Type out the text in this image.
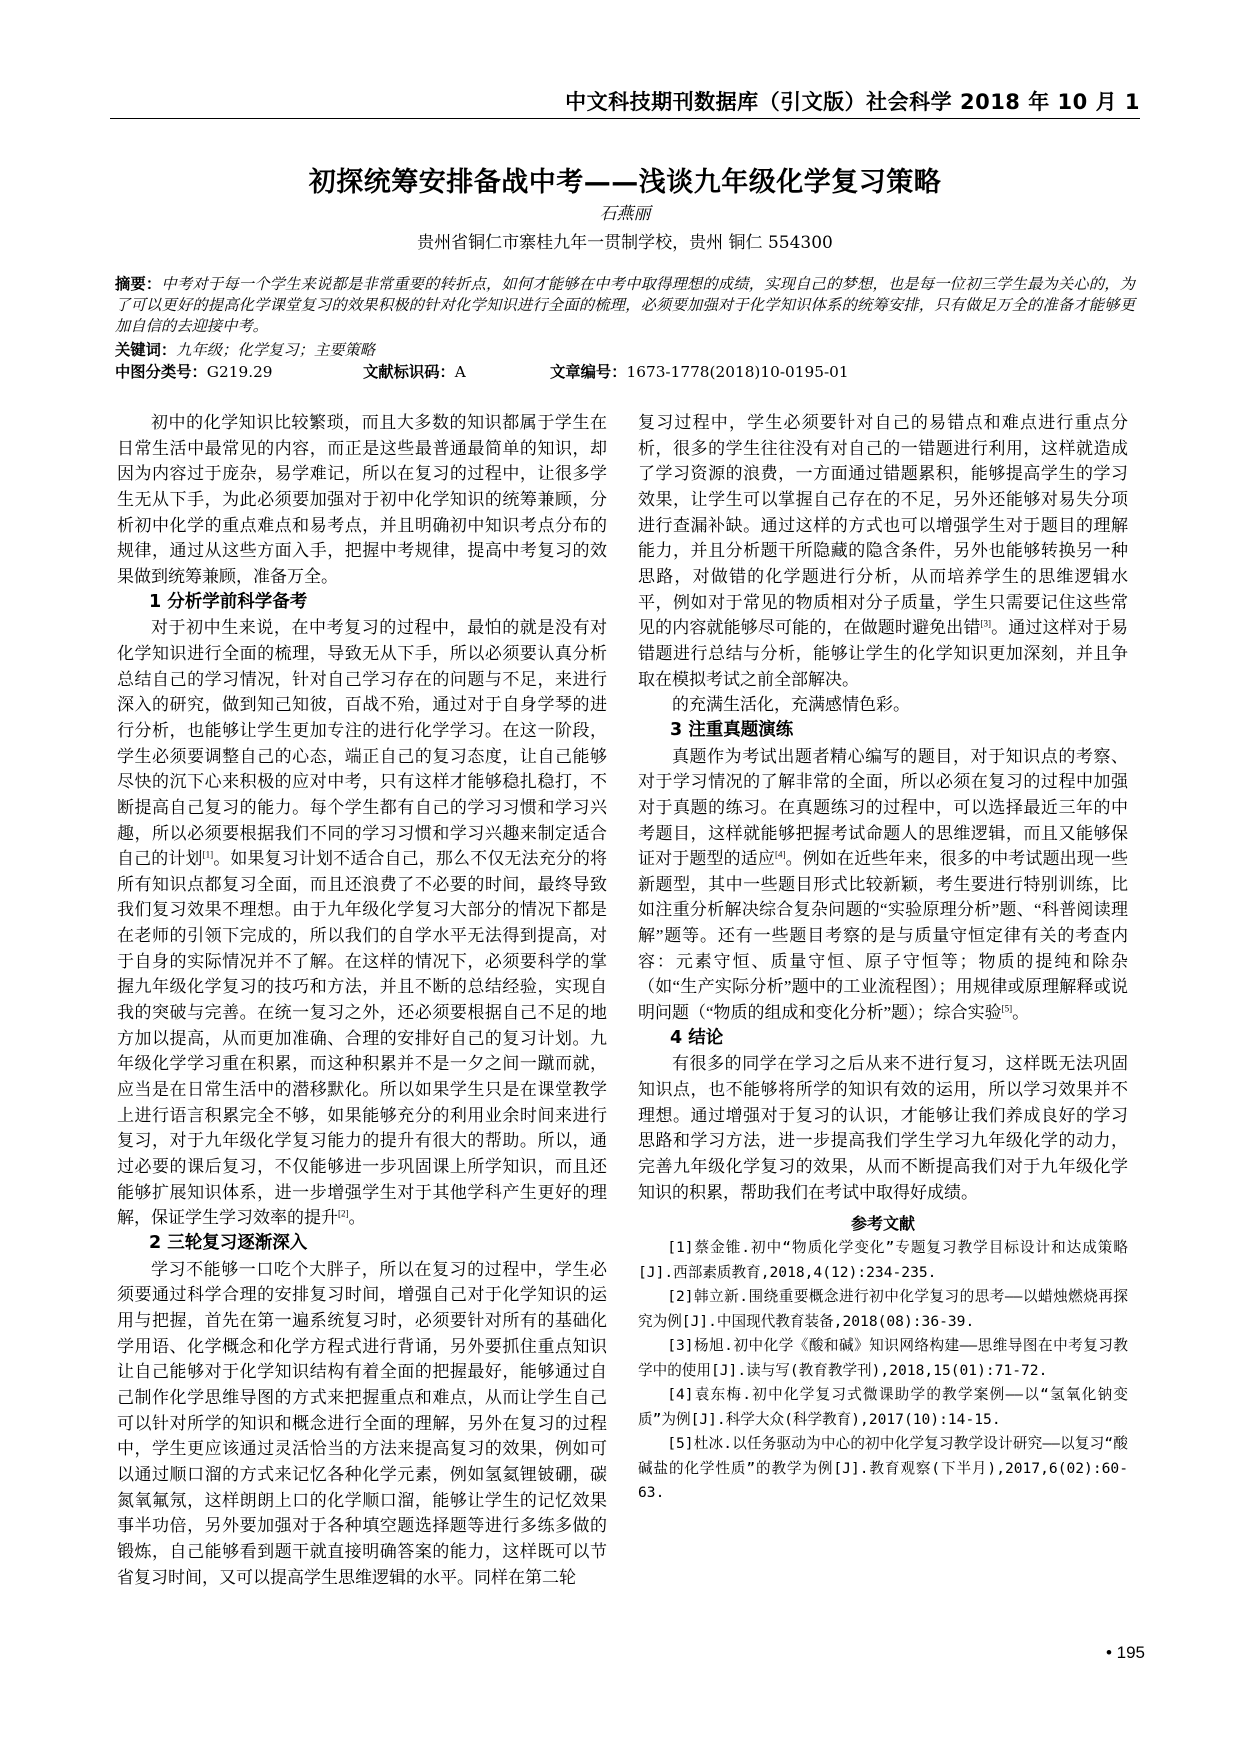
中文科技期刊数据库（引文版）社会科学 2018 年 10 月 1
初探统筹安排备战中考——浅谈九年级化学复习策略
石燕丽
贵州省铜仁市寨桂九年一贯制学校，贵州 铜仁 554300
摘要：中考对于每一个学生来说都是非常重要的转折点，如何才能够在中考中取得理想的成绩，实现自己的梦想，也是每一位初三学生最为关心的，为了可以更好的提高化学课堂复习的效果积极的针对化学知识进行全面的梳理，必须要加强对于化学知识体系的统筹安排，只有做足万全的准备才能够更加自信的去迎接中考。
关键词：九年级；化学复习；主要策略
中图分类号：G219.29	文献标识码：A	文章编号：1673-1778(2018)10-0195-01

初中的化学知识比较繁琐，而且大多数的知识都属于学生在日常生活中最常见的内容，而正是这些最普通最简单的知识，却因为内容过于庞杂，易学难记，所以在复习的过程中，让很多学生无从下手，为此必须要加强对于初中化学知识的统筹兼顾，分析初中化学的重点难点和易考点，并且明确初中知识考点分布的规律，通过从这些方面入手，把握中考规律，提高中考复习的效果做到统筹兼顾，准备万全。

1 分析学前科学备考

对于初中生来说，在中考复习的过程中，最怕的就是没有对化学知识进行全面的梳理，导致无从下手，所以必须要认真分析总结自己的学习情况，针对自己学习存在的问题与不足，来进行深入的研究，做到知己知彼，百战不殆，通过对于自身学琴的进行分析，也能够让学生更加专注的进行化学学习。在这一阶段，学生必须要调整自己的心态，端正自己的复习态度，让自己能够尽快的沉下心来积极的应对中考，只有这样才能够稳扎稳打，不断提高自己复习的能力。每个学生都有自己的学习习惯和学习兴趣，所以必须要根据我们不同的学习习惯和学习兴趣来制定适合自己的计划[1]。如果复习计划不适合自己，那么不仅无法充分的将所有知识点都复习全面，而且还浪费了不必要的时间，最终导致我们复习效果不理想。由于九年级化学复习大部分的情况下都是在老师的引领下完成的，所以我们的自学水平无法得到提高，对于自身的实际情况并不了解。在这样的情况下，必须要科学的掌握九年级化学复习的技巧和方法，并且不断的总结经验，实现自我的突破与完善。在统一复习之外，还必须要根据自己不足的地方加以提高，从而更加准确、合理的安排好自己的复习计划。九年级化学学习重在积累，而这种积累并不是一夕之间一蹴而就，应当是在日常生活中的潜移默化。所以如果学生只是在课堂教学上进行语言积累完全不够，如果能够充分的利用业余时间来进行复习，对于九年级化学复习能力的提升有很大的帮助。所以，通过必要的课后复习，不仅能够进一步巩固课上所学知识，而且还能够扩展知识体系，进一步增强学生对于其他学科产生更好的理解，保证学生学习效率的提升[2]。

2 三轮复习逐渐深入

学习不能够一口吃个大胖子，所以在复习的过程中，学生必须要通过科学合理的安排复习时间，增强自己对于化学知识的运用与把握，首先在第一遍系统复习时，必须要针对所有的基础化学用语、化学概念和化学方程式进行背诵，另外要抓住重点知识让自己能够对于化学知识结构有着全面的把握最好，能够通过自己制作化学思维导图的方式来把握重点和难点，从而让学生自己可以针对所学的知识和概念进行全面的理解，另外在复习的过程中，学生更应该通过灵活恰当的方法来提高复习的效果，例如可以通过顺口溜的方式来记忆各种化学元素，例如氢氦锂铍硼，碳氮氧氟氖，这样朗朗上口的化学顺口溜，能够让学生的记忆效果事半功倍，另外要加强对于各种填空题选择题等进行多练多做的锻炼，自己能够看到题干就直接明确答案的能力，这样既可以节省复习时间，又可以提高学生思维逻辑的水平。同样在第二轮

复习过程中，学生必须要针对自己的易错点和难点进行重点分析，很多的学生往往没有对自己的一错题进行利用，这样就造成了学习资源的浪费，一方面通过错题累积，能够提高学生的学习效果，让学生可以掌握自己存在的不足，另外还能够对易失分项进行查漏补缺。通过这样的方式也可以增强学生对于题目的理解能力，并且分析题干所隐藏的隐含条件，另外也能够转换另一种思路，对做错的化学题进行分析，从而培养学生的思维逻辑水平，例如对于常见的物质相对分子质量，学生只需要记住这些常见的内容就能够尽可能的，在做题时避免出错[3]。通过这样对于易错题进行总结与分析，能够让学生的化学知识更加深刻，并且争取在模拟考试之前全部解决。

的充满生活化，充满感情色彩。

3 注重真题演练

真题作为考试出题者精心编写的题目，对于知识点的考察、对于学习情况的了解非常的全面，所以必须在复习的过程中加强对于真题的练习。在真题练习的过程中，可以选择最近三年的中考题目，这样就能够把握考试命题人的思维逻辑，而且又能够保证对于题型的适应[4]。例如在近些年来，很多的中考试题出现一些新题型，其中一些题目形式比较新颖，考生要进行特别训练，比如注重分析解决综合复杂问题的“实验原理分析”题、“科普阅读理解”题等。还有一些题目考察的是与质量守恒定律有关的考查内容：元素守恒、质量守恒、原子守恒等；物质的提纯和除杂（如“生产实际分析”题中的工业流程图）；用规律或原理解释或说明问题（“物质的组成和变化分析”题）；综合实验[5]。

4 结论

有很多的同学在学习之后从来不进行复习，这样既无法巩固知识点，也不能够将所学的知识有效的运用，所以学习效果并不理想。通过增强对于复习的认识，才能够让我们养成良好的学习思路和学习方法，进一步提高我们学生学习九年级化学的动力，完善九年级化学复习的效果，从而不断提高我们对于九年级化学知识的积累，帮助我们在考试中取得好成绩。

参考文献

[1]蔡金锥.初中“物质化学变化”专题复习教学目标设计和达成策略[J].西部素质教育,2018,4(12):234-235.

[2]韩立新.围绕重要概念进行初中化学复习的思考——以蜡烛燃烧再探究为例[J].中国现代教育装备,2018(08):36-39.

[3]杨旭.初中化学《酸和碱》知识网络构建——思维导图在中考复习教学中的使用[J].读与写(教育教学刊),2018,15(01):71-72.

[4]袁东梅.初中化学复习式微课助学的教学案例——以“氢氧化钠变质”为例[J].科学大众(科学教育),2017(10):14-15.

[5]杜冰.以任务驱动为中心的初中化学复习教学设计研究——以复习“酸碱盐的化学性质”的教学为例[J].教育观察(下半月),2017,6(02):60-63.

• 195
